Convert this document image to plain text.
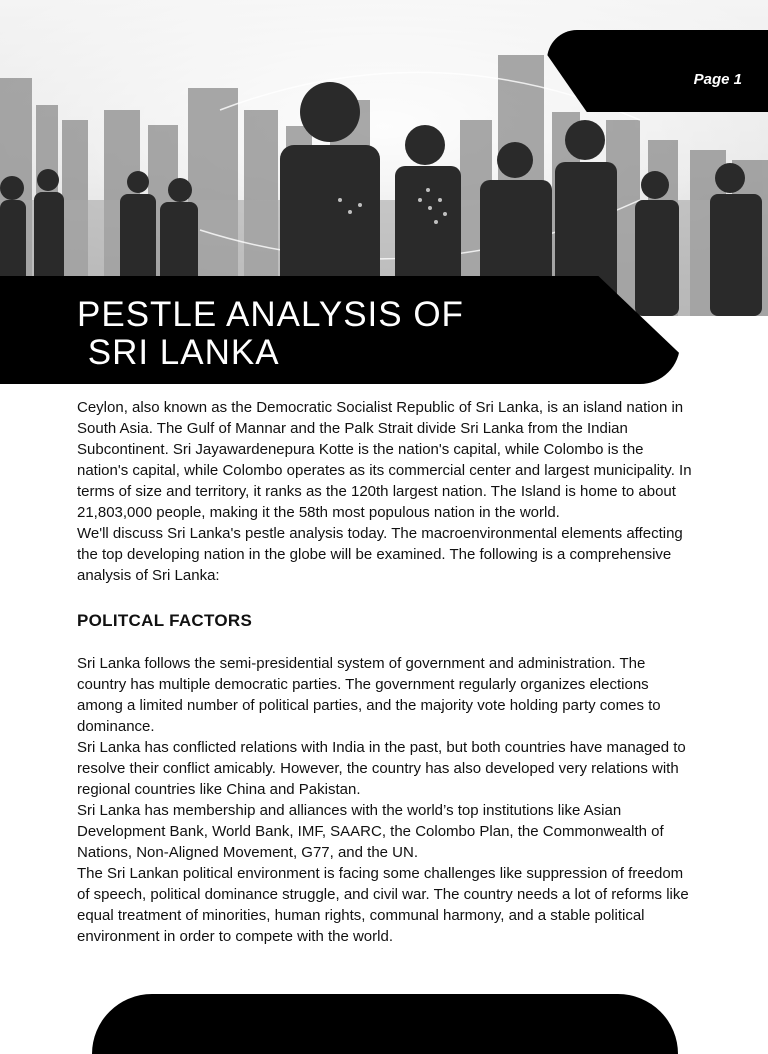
Page 1
PESTLE ANALYSIS OF
SRI LANKA

Ceylon, also known as the Democratic Socialist Republic of Sri Lanka, is an island nation in South Asia. The Gulf of Mannar and the Palk Strait divide Sri Lanka from the Indian Subcontinent. Sri Jayawardenepura Kotte is the nation's capital, while Colombo is the nation's capital, while Colombo operates as its commercial center and largest municipality. In terms of size and territory, it ranks as the 120th largest nation. The Island is home to about 21,803,000 people, making it the 58th most populous nation in the world.

We'll discuss Sri Lanka's pestle analysis today. The macroenvironmental elements affecting the top developing nation in the globe will be examined. The following is a comprehensive analysis of Sri Lanka:

POLITCAL FACTORS

Sri Lanka follows the semi-presidential system of government and administration. The country has multiple democratic parties. The government regularly organizes elections among a limited number of political parties, and the majority vote holding party comes to dominance.

Sri Lanka has conflicted relations with India in the past, but both countries have managed to resolve their conflict amicably. However, the country has also developed very relations with regional countries like China and Pakistan.

Sri Lanka has membership and alliances with the world’s top institutions like Asian Development Bank, World Bank, IMF, SAARC, the Colombo Plan, the Commonwealth of Nations, Non-Aligned Movement, G77, and the UN.

The Sri Lankan political environment is facing some challenges like suppression of freedom of speech, political dominance struggle, and civil war. The country needs a lot of reforms like equal treatment of minorities, human rights, communal harmony, and a stable political environment in order to compete with the world.
